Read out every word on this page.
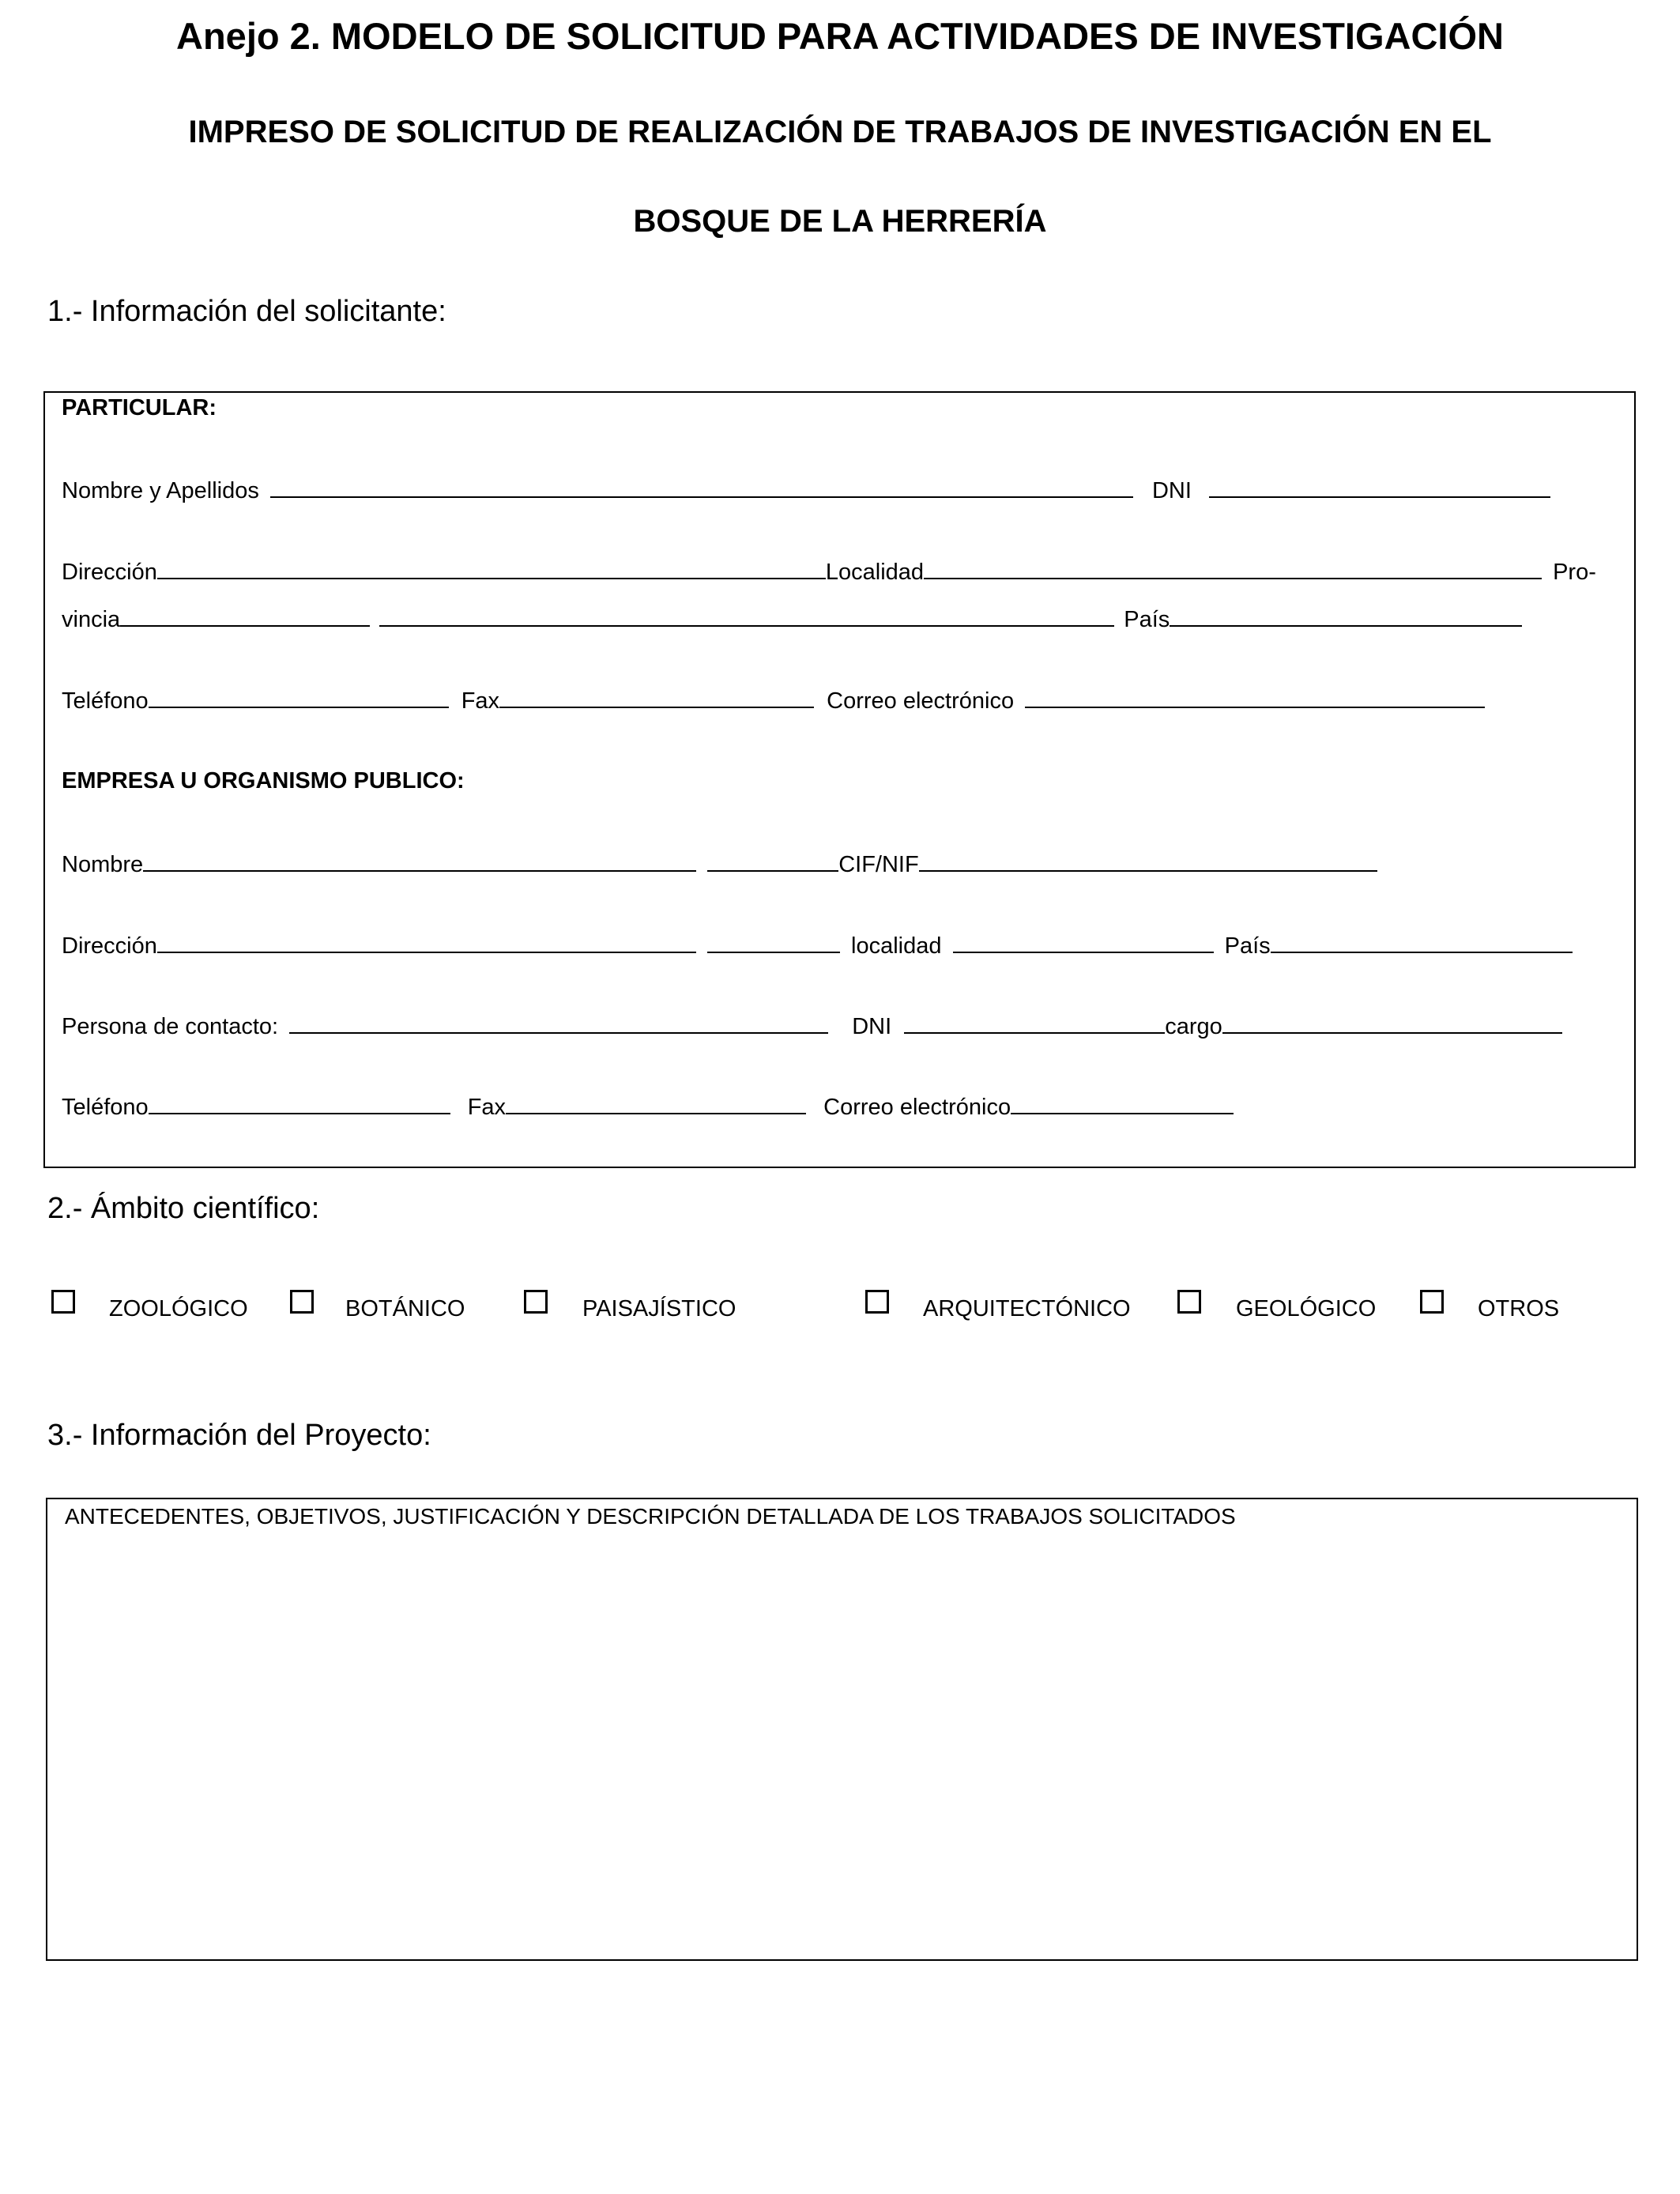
Anejo 2. MODELO DE SOLICITUD PARA ACTIVIDADES DE INVESTIGACIÓN
IMPRESO DE SOLICITUD DE REALIZACIÓN DE TRABAJOS DE INVESTIGACIÓN EN EL
BOSQUE DE LA HERRERÍA
1.- Información del solicitante:
PARTICULAR:
Nombre y Apellidos	DNI
Dirección	Localidad	Pro-
vincia	País
Teléfono	Fax	Correo electrónico
EMPRESA U ORGANISMO PUBLICO:
Nombre	CIF/NIF
Dirección	localidad	País
Persona de contacto:	DNI	cargo
Teléfono	Fax	Correo electrónico
2.- Ámbito científico:
ZOOLÓGICO	BOTÁNICO	PAISAJÍSTICO	ARQUITECTÓNICO	GEOLÓGICO	OTROS
3.- Información del Proyecto:
ANTECEDENTES, OBJETIVOS, JUSTIFICACIÓN Y DESCRIPCIÓN DETALLADA DE LOS TRABAJOS SOLICITADOS
